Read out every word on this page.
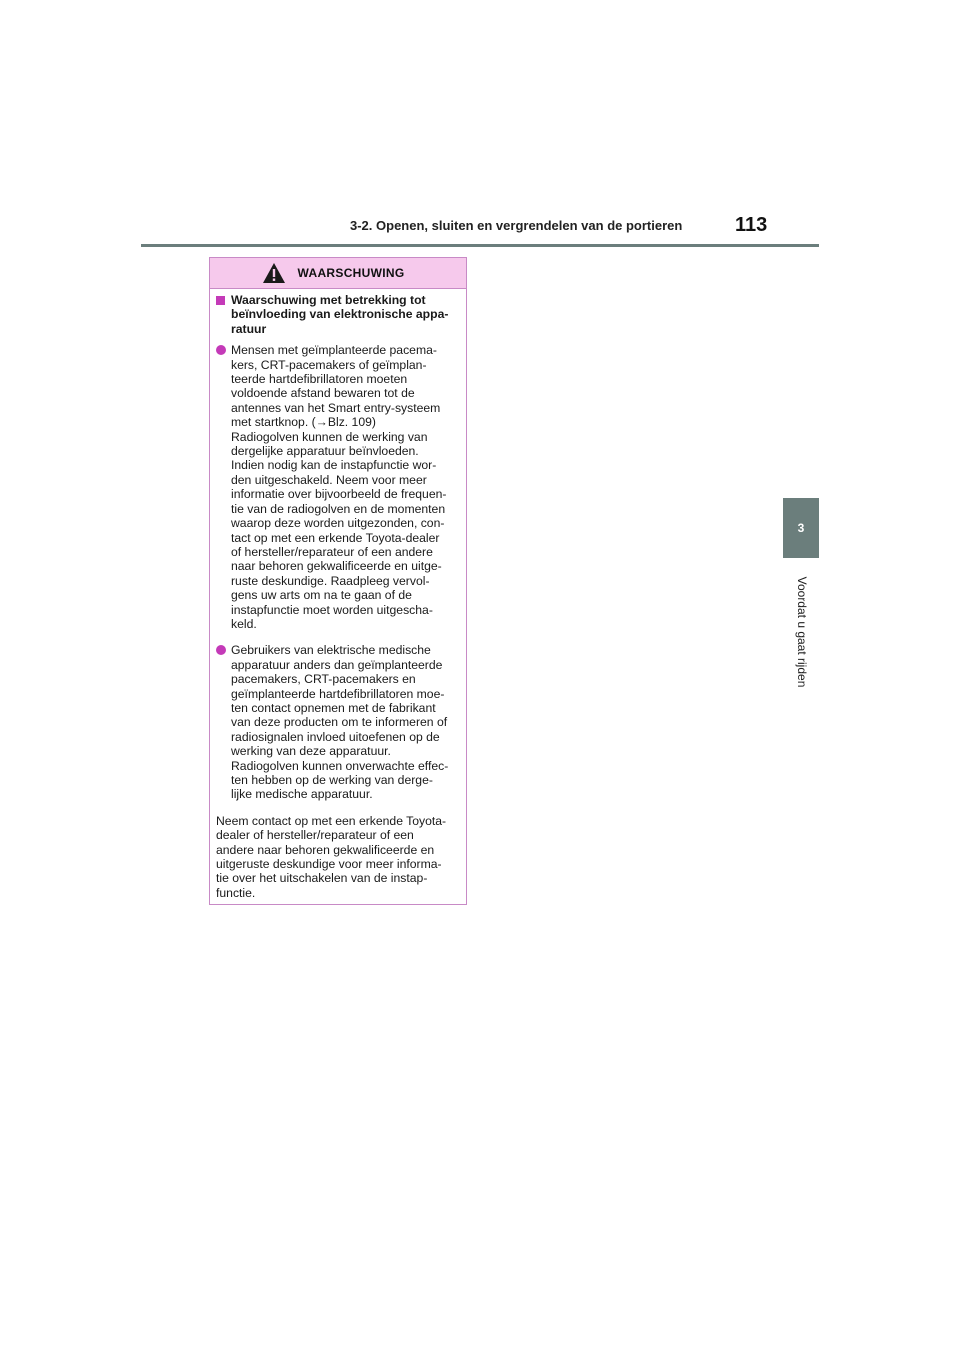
3-2. Openen, sluiten en vergrendelen van de portieren	113
3
Voordat u gaat rijden
WAARSCHUWING
Waarschuwing met betrekking tot
beïnvloeding van elektronische appa-
ratuur
Mensen met geïmplanteerde pacema-
kers, CRT-pacemakers of geïmplan-
teerde hartdefibrillatoren moeten
voldoende afstand bewaren tot de
antennes van het Smart entry-systeem
met startknop. (→Blz. 109)
Radiogolven kunnen de werking van
dergelijke apparatuur beïnvloeden.
Indien nodig kan de instapfunctie wor-
den uitgeschakeld. Neem voor meer
informatie over bijvoorbeeld de frequen-
tie van de radiogolven en de momenten
waarop deze worden uitgezonden, con-
tact op met een erkende Toyota-dealer
of hersteller/reparateur of een andere
naar behoren gekwalificeerde en uitge-
ruste deskundige. Raadpleeg vervol-
gens uw arts om na te gaan of de
instapfunctie moet worden uitgescha-
keld.
Gebruikers van elektrische medische
apparatuur anders dan geïmplanteerde
pacemakers, CRT-pacemakers en
geïmplanteerde hartdefibrillatoren moe-
ten contact opnemen met de fabrikant
van deze producten om te informeren of
radiosignalen invloed uitoefenen op de
werking van deze apparatuur.
Radiogolven kunnen onverwachte effec-
ten hebben op de werking van derge-
lijke medische apparatuur.
Neem contact op met een erkende Toyota-
dealer of hersteller/reparateur of een
andere naar behoren gekwalificeerde en
uitgeruste deskundige voor meer informa-
tie over het uitschakelen van de instap-
functie.
